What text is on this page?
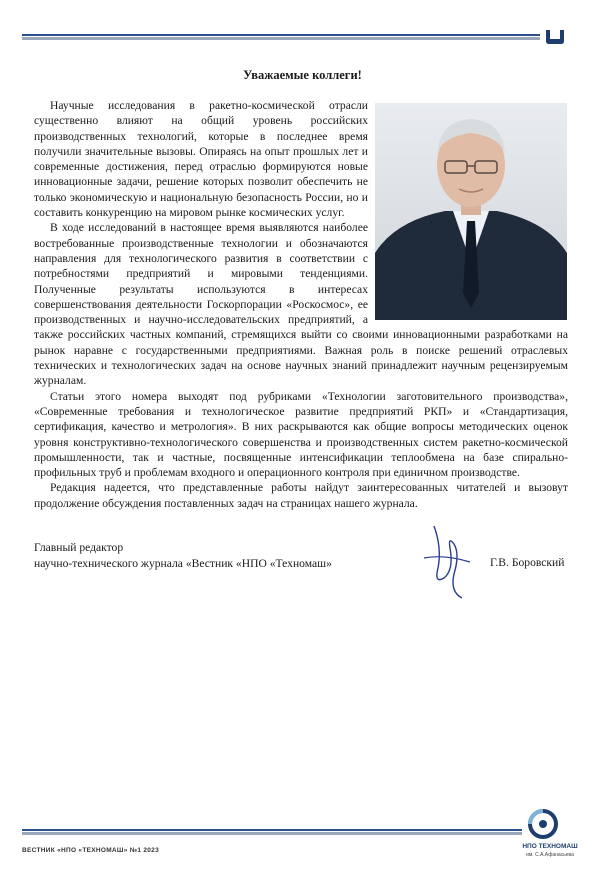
Уважаемые коллеги!

Научные исследования в ракетно-космической отрасли существенно влияют на общий уровень российских производственных технологий, которые в последнее время получили значительные вызовы. Опираясь на опыт прошлых лет и современные достижения, перед отраслью формируются новые инновационные задачи, решение которых позволит обеспечить не только экономическую и национальную безопасность России, но и составить конкуренцию на мировом рынке космических услуг.

В ходе исследований в настоящее время выявляются наиболее востребованные производственные технологии и обозначаются направления для технологического развития в соответствии с потребностями предприятий и мировыми тенденциями. Полученные результаты используются в интересах совершенствования деятельности Госкорпорации «Роскосмос», ее производственных и научно-исследовательских предприятий, а также российских частных компаний, стремящихся выйти со своими инновационными разработками на рынок наравне с государственными предприятиями. Важная роль в поиске решений отраслевых технических и технологических задач на основе научных знаний принадлежит научным рецензируемым журналам.

Статьи этого номера выходят под рубриками «Технологии заготовительного производства», «Современные требования и технологическое развитие предприятий РКП» и «Стандартизация, сертификация, качество и метрология». В них раскрываются как общие вопросы методических оценок уровня конструктивно-технологического совершенства и производственных систем ракетно-космической промышленности, так и частные, посвященные интенсификации теплообмена на базе спирально-профильных труб и проблемам входного и операционного контроля при единичном производстве.

Редакция надеется, что представленные работы найдут заинтересованных читателей и вызовут продолжение обсуждения поставленных задач на страницах нашего журнала.

Главный редактор
научно-технического журнала «Вестник «НПО «Техномаш»	Г.В. Боровский
ВЕСТНИК «НПО «ТЕХНОМАШ» №1 2023
НПО ТЕХНОМАШ
им. С.А.Афанасьева
